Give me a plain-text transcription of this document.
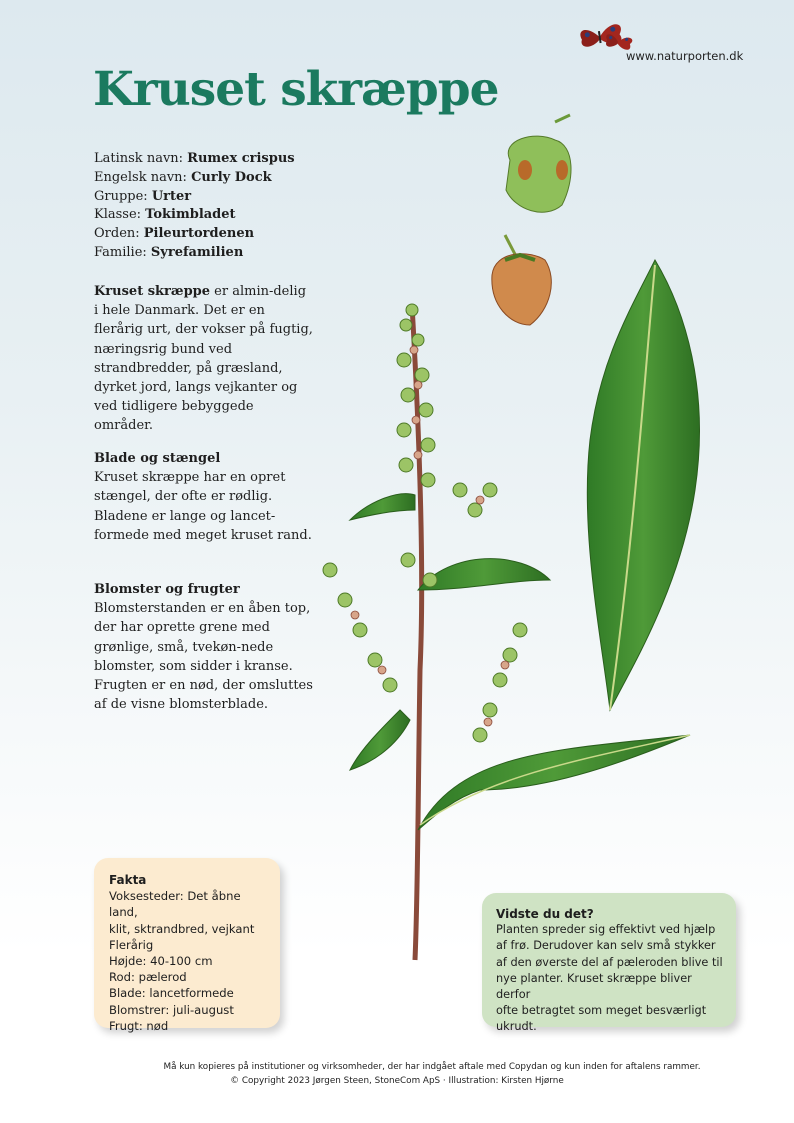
www.naturporten.dk
Kruset skræppe
Latinsk navn: Rumex crispus
Engelsk navn: Curly Dock
Gruppe: Urter
Klasse: Tokimbladet
Orden: Pileurtordenen
Familie: Syrefamilien

Kruset skræppe er almin-delig i hele Danmark. Det er en flerårig urt, der vokser på fugtig, næringsrig bund ved strandbredder, på græsland, dyrket jord, langs vejkanter og ved tidligere bebyggede områder.

Blade og stængel
Kruset skræppe har en opret stængel, der ofte er rødlig. Bladene er lange og lancet-formede med meget kruset rand.

Blomster og frugter
Blomsterstanden er en åben top, der har oprette grene med grønlige, små, tvekøn-nede blomster, som sidder i kranse. Frugten er en nød, der omsluttes af de visne blomsterblade.

Fakta
Voksesteder: Det åbne land,
klit, sktrandbred, vejkant
Flerårig
Højde: 40-100 cm
Rod: pælerod
Blade: lancetformede
Blomstrer: juli-august
Frugt: nød
Vidste du det?
Planten spreder sig effektivt ved hjælp
af frø. Derudover kan selv små stykker
af den øverste del af pæleroden blive til
nye planter. Kruset skræppe bliver derfor
ofte betragtet som meget besværligt
ukrudt.
Må kun kopieres på institutioner og virksomheder, der har indgået aftale med Copydan og kun inden for aftalens rammer.
© Copyright 2023 Jørgen Steen, StoneCom ApS · Illustration: Kirsten Hjørne
